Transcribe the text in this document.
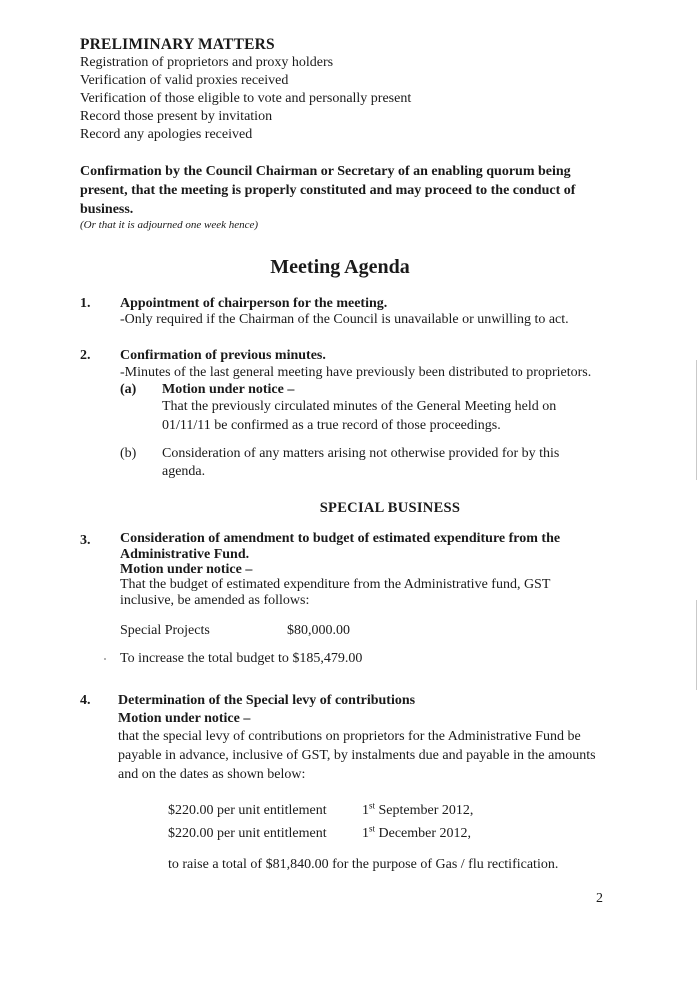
PRELIMINARY MATTERS
Registration of proprietors and proxy holders
Verification of valid proxies received
Verification of those eligible to vote and personally present
Record those present by invitation
Record any apologies received
Confirmation by the Council Chairman or Secretary of an enabling quorum being present, that the meeting is properly constituted and may proceed to the conduct of business.
(Or that it is adjourned one week hence)
Meeting Agenda
1. Appointment of chairperson for the meeting.
-Only required if the Chairman of the Council is unavailable or unwilling to act.
2. Confirmation of previous minutes.
-Minutes of the last general meeting have previously been distributed to proprietors.
(a) Motion under notice –
That the previously circulated minutes of the General Meeting held on
01/11/11 be confirmed as a true record of those proceedings.
(b) Consideration of any matters arising not otherwise provided for by this
agenda.
SPECIAL BUSINESS
3. Consideration of amendment to budget of estimated expenditure from the
Administrative Fund.
Motion under notice –
That the budget of estimated expenditure from the Administrative fund, GST
inclusive, be amended as follows:
Special Projects	$80,000.00
To increase the total budget to $185,479.00
4. Determination of the Special levy of contributions
Motion under notice –
that the special levy of contributions on proprietors for the Administrative Fund be
payable in advance, inclusive of GST, by instalments due and payable in the amounts
and on the dates as shown below:
$220.00 per unit entitlement	1st September 2012,
$220.00 per unit entitlement	1st December 2012,
to raise a total of $81,840.00 for the purpose of Gas / flu rectification.
2
